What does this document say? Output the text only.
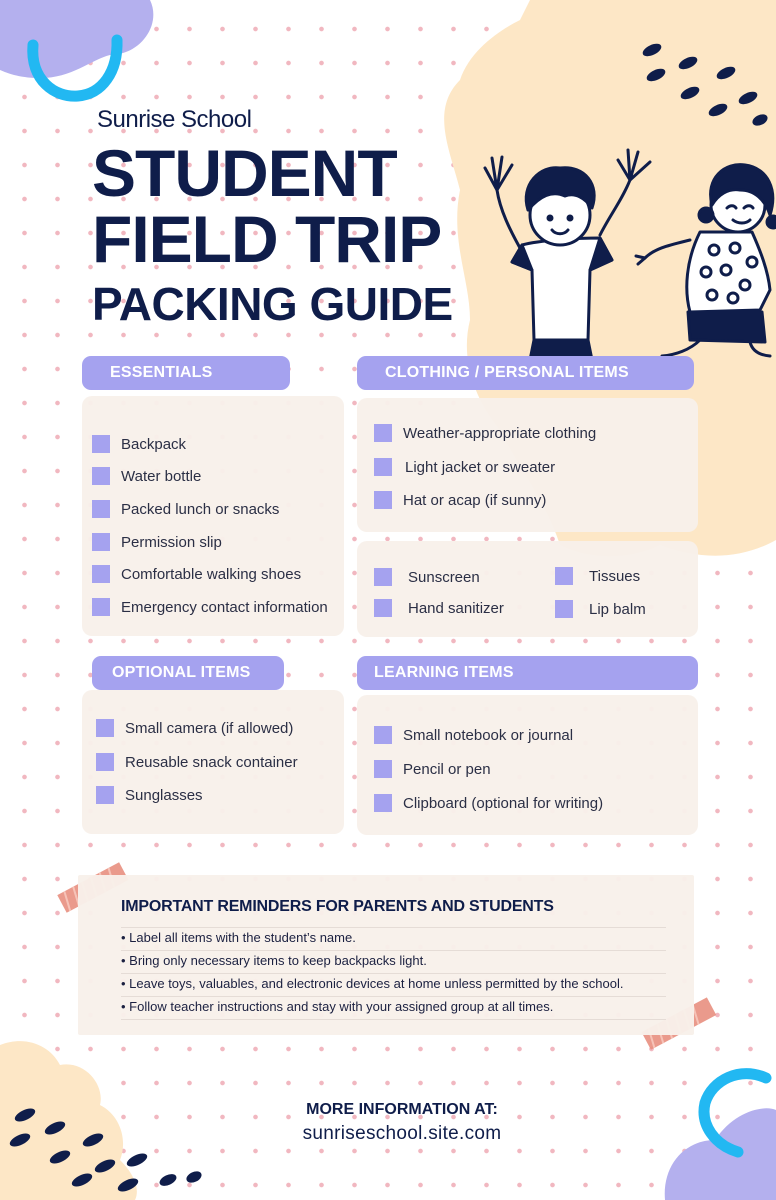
Sunrise School
STUDENT
FIELD TRIP
PACKING GUIDE
ESSENTIALS	CLOTHING / PERSONAL ITEMS
OPTIONAL ITEMS	LEARNING ITEMS
Backpack
Water bottle
Packed lunch or snacks
Permission slip
Comfortable walking shoes
Emergency contact information
Weather-appropriate clothing
Light jacket or sweater
Hat or acap (if sunny)
Sunscreen
Hand sanitizer
Tissues
Lip balm
Small camera (if allowed)
Reusable snack container
Sunglasses
Small notebook or journal
Pencil or pen
Clipboard (optional for writing)
IMPORTANT REMINDERS FOR PARENTS AND STUDENTS
• Label all items with the student’s name.
• Bring only necessary items to keep backpacks light.
• Leave toys, valuables, and electronic devices at home unless permitted by the school.
• Follow teacher instructions and stay with your assigned group at all times.
MORE INFORMATION AT:
sunriseschool.site.com
